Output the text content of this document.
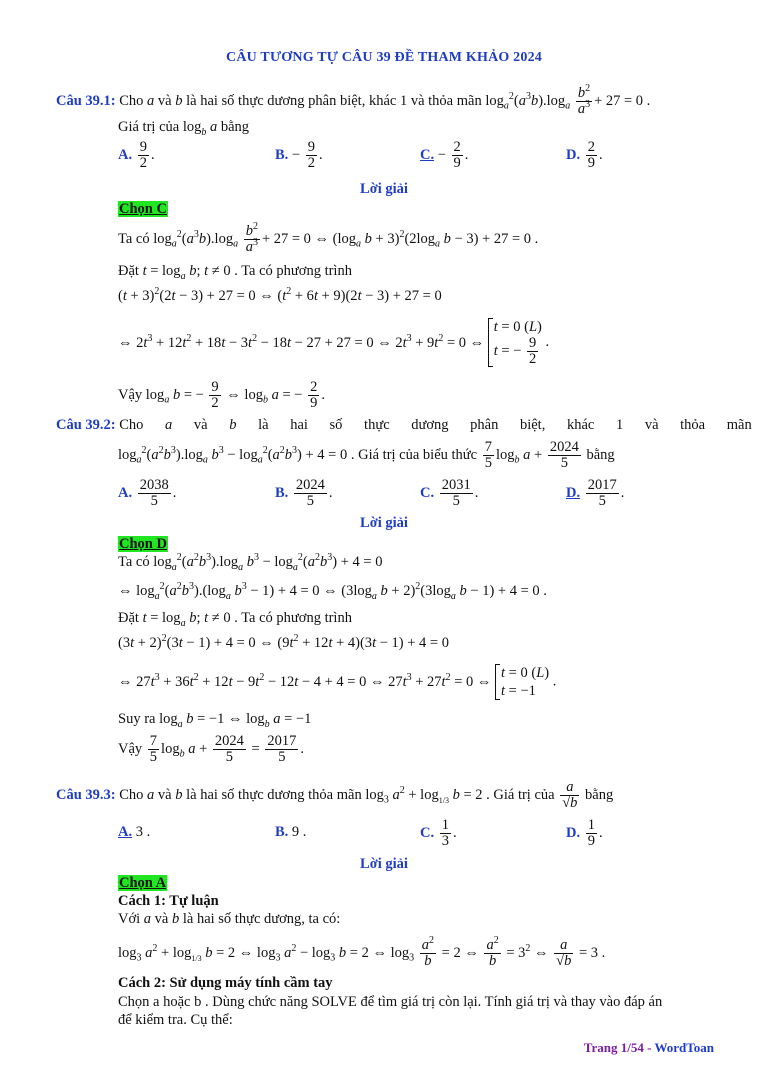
CÂU TƯƠNG TỰ CÂU 39 ĐỀ THAM KHẢO 2024
Câu 39.1: Cho a và b là hai số thực dương phân biệt, khác 1 và thỏa mãn $\log_a^2(a^3b).\log_a \frac{b^2}{a^3} + 27 = 0$ .
Giá trị của $\log_b a$ bằng
A. $\frac{9}{2}$ .	B. − $\frac{9}{2}$ .	C. − $\frac{2}{9}$ .	D. $\frac{2}{9}$ .
Lời giải
Chọn C
Ta có $\log_a^2(a^3b).\log_a \frac{b^2}{a^3} + 27 = 0$ ⇔ ($\log_a$ $b + 3)^2(2\log_a$ b − 3) + 27 = 0 .
Đặt $t = \log_a b$; t ≠ 0 . Ta có phương trình
$(t + 3)^2(2t - 3) + 27 = 0$ ⇔ $(t^2 + 6t + 9)(2t - 3) + 27 = 0$
⇔ $2t^3 + 12t^2 + 18t - 3t^2 - 18t - 27 + 27 = 0$ ⇔ $2t^3 + 9t^2 = 0$ ⇔
t = 0 (L)
t = − $\frac{9}{2}$ .
Vậy $\log_a b$ = − $\frac{9}{2}$ ⇔ $\log_b a$ = − $\frac{2}{9}$ .
Câu 39.2: Cho a và b là hai số thực dương phân biệt, khác 1 và thỏa mãn
$\log_a^2(a^2b^3).\log_a$ $b^3 - \log_a^2(a^2b^3) + 4 = 0$ . Giá trị của biểu thức $\frac{7}{5} \log_b a + \frac{2024}{5}$ bằng
A. $\frac{2038}{5}$ .	B. $\frac{2024}{5}$ .	C. $\frac{2031}{5}$ .	D. $\frac{2017}{5}$ .
Lời giải
Chọn D
Ta có $\log_a^2(a^2b^3).\log_a$ $b^3 - \log_a^2(a^2b^3) + 4 = 0$
⇔ $\log_a^2(a^2b^3).(\log_a$ $b^3 - 1) + 4 = 0$ ⇔ ($3\log_a$ $b + 2)^2(3\log_a$ b − 1) + 4 = 0 .
Đặt $t = \log_a b$; t ≠ 0 . Ta có phương trình
$(3t + 2)^2(3t - 1) + 4 = 0$ ⇔ $(9t^2 + 12t + 4)(3t - 1) + 4 = 0$
⇔ $27t^3 + 36t^2 + 12t - 9t^2 - 12t - 4 + 4 = 0$ ⇔ $27t^3 + 27t^2 = 0$ ⇔
t = 0 (L)
t = −1
.
Suy ra $\log_a b = -1$ ⇔ $\log_b a = -1$
Vậy $\frac{7}{5} \log_b a + \frac{2024}{5} = \frac{2017}{5}$ .
Câu 39.3: Cho a và b là hai số thực dương thỏa mãn $\log_3 a^2 + \log_{1/3} b = 2$ . Giá trị của $\frac{a}{√b}$ bằng
A. 3 .	B. 9 .	C. $\frac{1}{3}$ .	D. $\frac{1}{9}$ .
Lời giải
Chọn A
Cách 1: Tự luận
Với a và b là hai số thực dương, ta có:
$\log_3 a^2 + \log_{1/3} b = 2$ ⇔ $\log_3 a^2 - \log_3 b = 2$ ⇔ $\log_3 \frac{a^2}{b} = 2$ ⇔ $\frac{a^2}{b} = 3^2$ ⇔ $\frac{a}{√b} = 3$ .
Cách 2: Sử dụng máy tính cầm tay
Chọn a hoặc b . Dùng chức năng SOLVE để tìm giá trị còn lại. Tính giá trị và thay vào đáp án
để kiểm tra. Cụ thể:
Trang 1/54 - WordToan
